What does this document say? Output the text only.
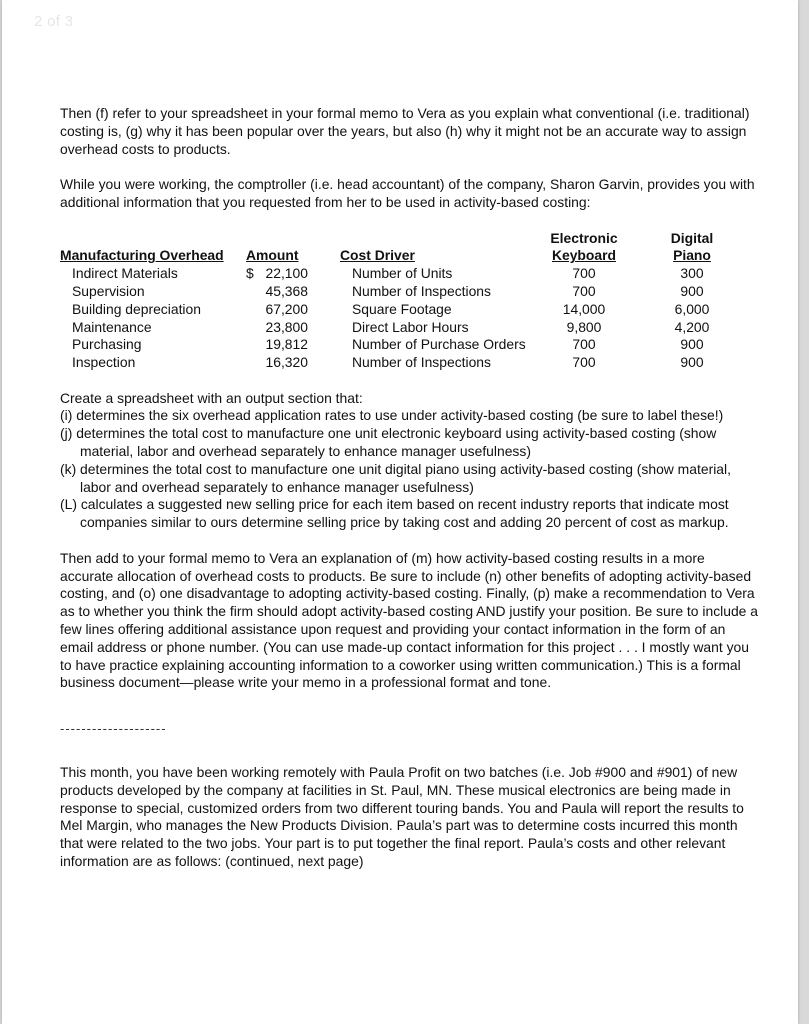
2 of 3

Then (f) refer to your spreadsheet in your formal memo to Vera as you explain what conventional (i.e. traditional) costing is, (g) why it has been popular over the years, but also (h) why it might not be an accurate way to assign overhead costs to products.

While you were working, the comptroller (i.e. head accountant) of the company, Sharon Garvin, provides you with additional information that you requested from her to be used in activity-based costing:

Manufacturing Overhead
Indirect Materials
Supervision
Building depreciation
Maintenance
Purchasing
Inspection
Amount
$ 22,100
45,368
67,200
23,800
19,812
16,320
Cost Driver
Number of Units
Number of Inspections
Square Footage
Direct Labor Hours
Number of Purchase Orders
Number of Inspections
Electronic
Keyboard
700
700
14,000
9,800
700
700
Digital
Piano
300
900
6,000
4,200
900
900

Create a spreadsheet with an output section that:

(i) determines the six overhead application rates to use under activity-based costing (be sure to label these!)

(j) determines the total cost to manufacture one unit electronic keyboard using activity-based costing (show material, labor and overhead separately to enhance manager usefulness)

(k) determines the total cost to manufacture one unit digital piano using activity-based costing (show material, labor and overhead separately to enhance manager usefulness)

(L) calculates a suggested new selling price for each item based on recent industry reports that indicate most companies similar to ours determine selling price by taking cost and adding 20 percent of cost as markup.

Then add to your formal memo to Vera an explanation of (m) how activity-based costing results in a more accurate allocation of overhead costs to products. Be sure to include (n) other benefits of adopting activity-based costing, and (o) one disadvantage to adopting activity-based costing. Finally, (p) make a recommendation to Vera as to whether you think the firm should adopt activity-based costing AND justify your position. Be sure to include a few lines offering additional assistance upon request and providing your contact information in the form of an email address or phone number. (You can use made-up contact information for this project . . . I mostly want you to have practice explaining accounting information to a coworker using written communication.) This is a formal business document—please write your memo in a professional format and tone.

--------------------

This month, you have been working remotely with Paula Profit on two batches (i.e. Job #900 and #901) of new products developed by the company at facilities in St. Paul, MN. These musical electronics are being made in response to special, customized orders from two different touring bands. You and Paula will report the results to Mel Margin, who manages the New Products Division. Paula’s part was to determine costs incurred this month that were related to the two jobs. Your part is to put together the final report. Paula’s costs and other relevant information are as follows: (continued, next page)
